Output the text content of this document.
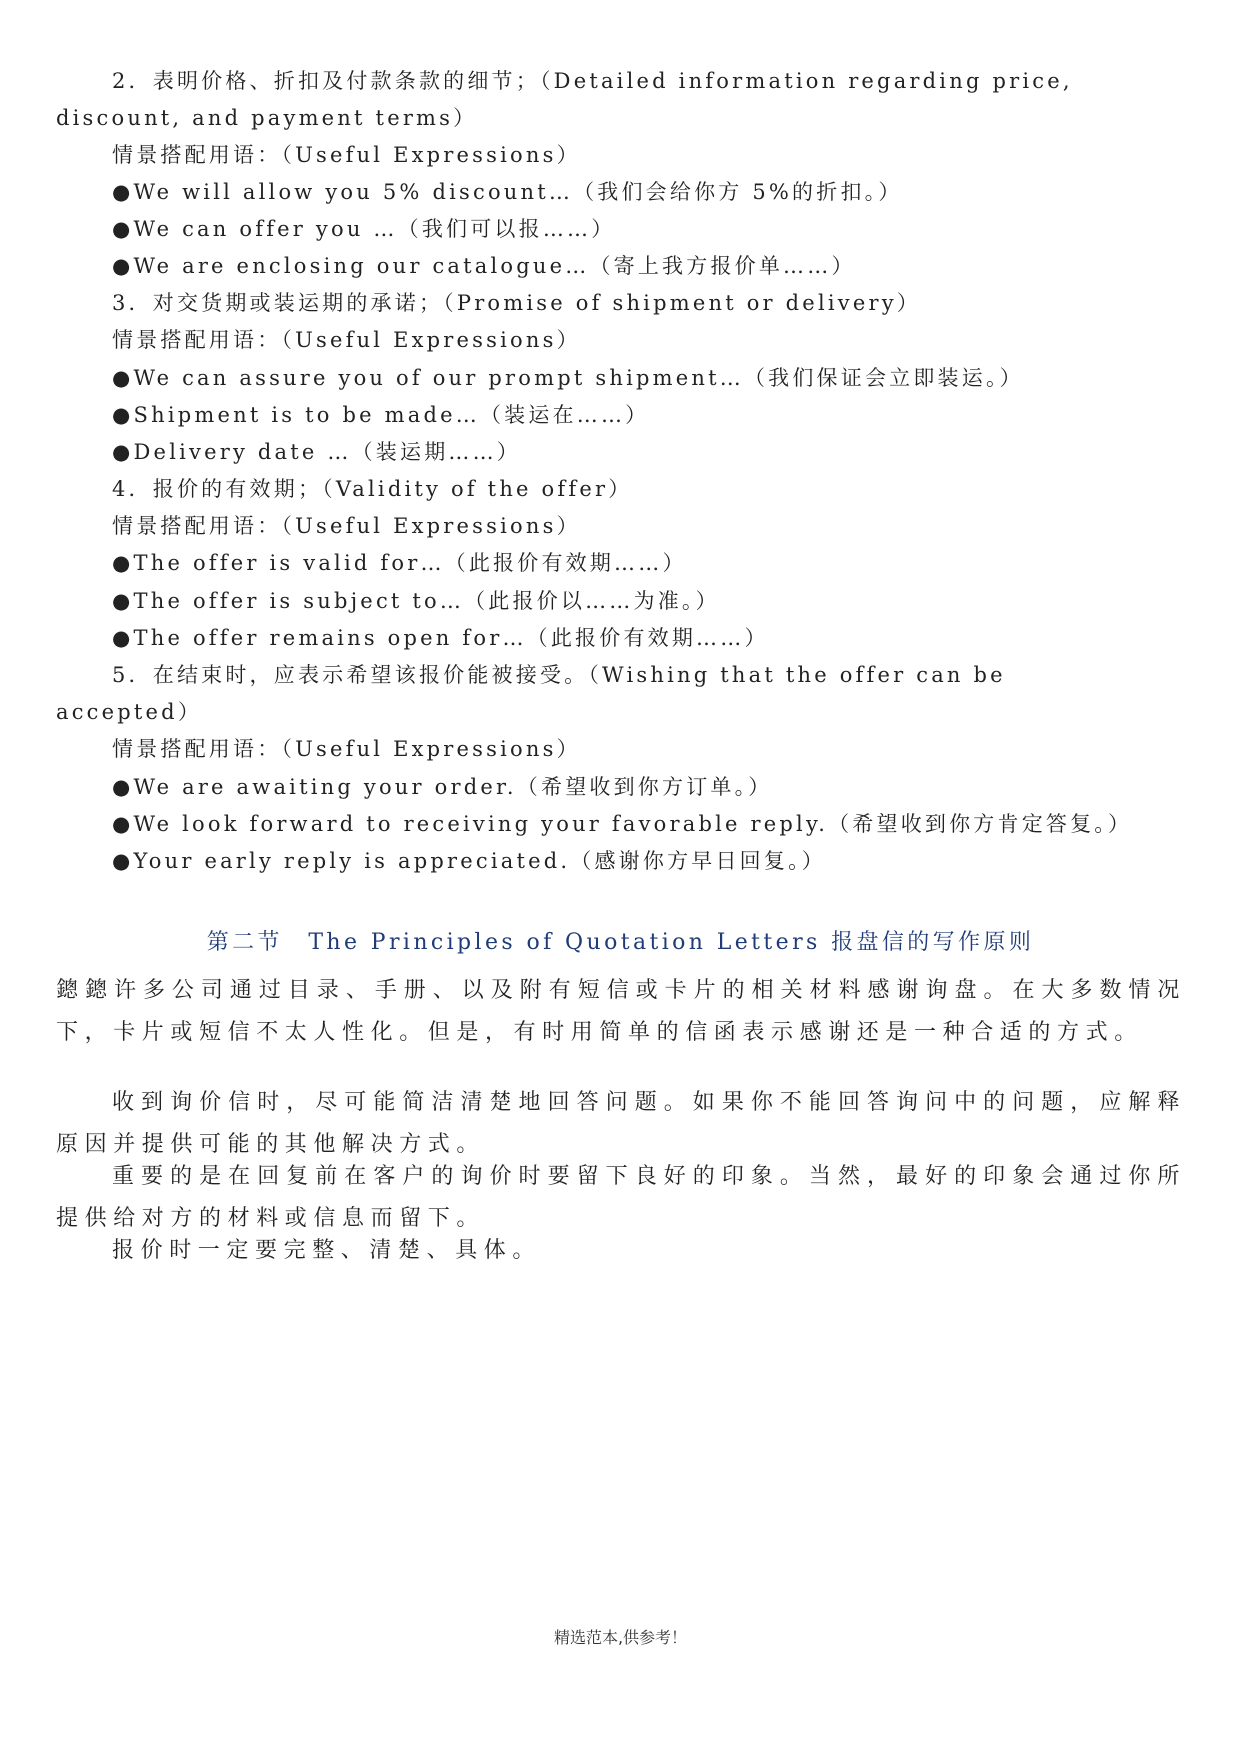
2．表明价格、折扣及付款条款的细节；（Detailed information regarding price,
discount, and payment terms）
情景搭配用语：（Useful Expressions）
●We will allow you 5% discount…（我们会给你方 5%的折扣。）
●We can offer you …（我们可以报……）
●We are enclosing our catalogue…（寄上我方报价单……）
3．对交货期或装运期的承诺；（Promise of shipment or delivery）
情景搭配用语：（Useful Expressions）
●We can assure you of our prompt shipment…（我们保证会立即装运。）
●Shipment is to be made…（装运在……）
●Delivery date …（装运期……）
4．报价的有效期；（Validity of the offer）
情景搭配用语：（Useful Expressions）
●The offer is valid for…（此报价有效期……）
●The offer is subject to…（此报价以……为准。）
●The offer remains open for…（此报价有效期……）
5．在结束时，应表示希望该报价能被接受。（Wishing that the offer can be
accepted）
情景搭配用语：（Useful Expressions）
●We are awaiting your order.（希望收到你方订单。）
●We look forward to receiving your favorable reply.（希望收到你方肯定答复。）
●Your early reply is appreciated.（感谢你方早日回复。）
第二节　The Principles of Quotation Letters 报盘信的写作原则
鏓鏓许多公司通过目录、手册、以及附有短信或卡片的相关材料感谢询盘。在大多数情况下，卡片或短信不太人性化。但是，有时用简单的信函表示感谢还是一种合适的方式。
收到询价信时，尽可能简洁清楚地回答问题。如果你不能回答询问中的问题，应解释原因并提供可能的其他解决方式。
重要的是在回复前在客户的询价时要留下良好的印象。当然，最好的印象会通过你所提供给对方的材料或信息而留下。
报价时一定要完整、清楚、具体。
精选范本,供参考！
